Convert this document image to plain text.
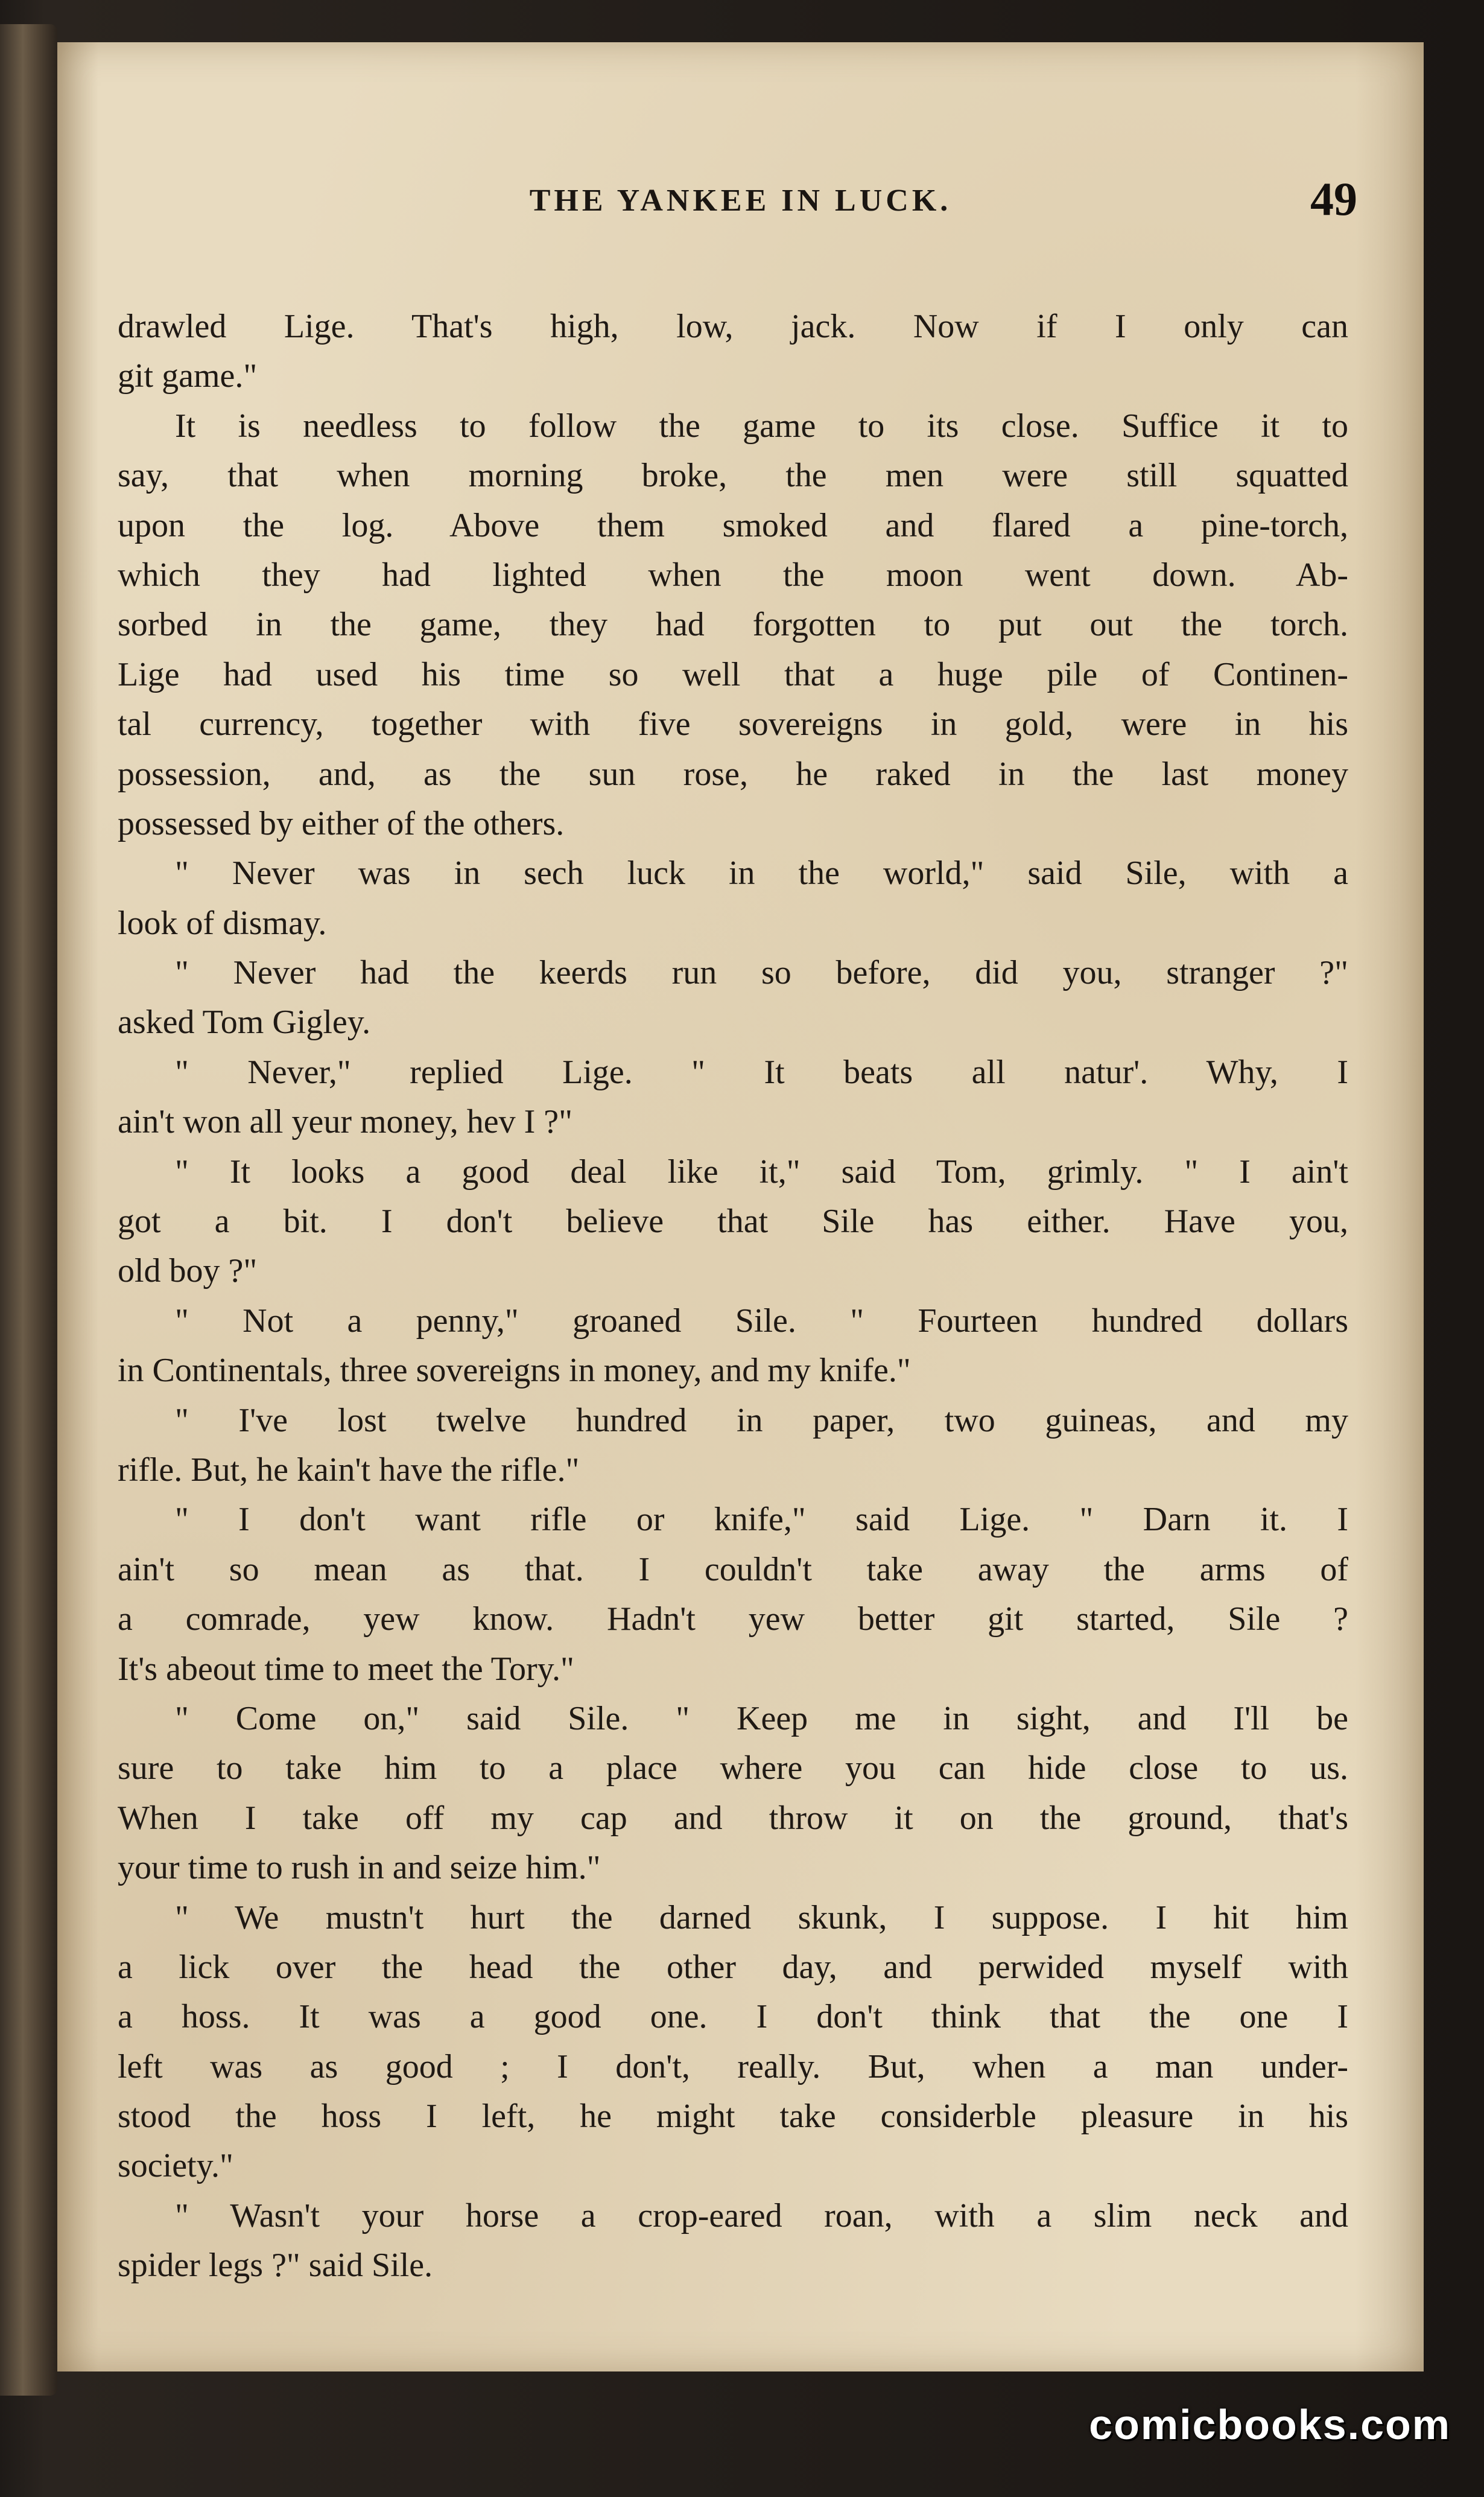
THE YANKEE IN LUCK.	49
drawled Lige. That's high, low, jack. Now if I only can
git game."
It is needless to follow the game to its close. Suffice it to
say, that when morning broke, the men were still squatted
upon the log. Above them smoked and flared a pine-torch,
which they had lighted when the moon went down. Ab-
sorbed in the game, they had forgotten to put out the torch.
Lige had used his time so well that a huge pile of Continen-
tal currency, together with five sovereigns in gold, were in his
possession, and, as the sun rose, he raked in the last money
possessed by either of the others.
" Never was in sech luck in the world," said Sile, with a
look of dismay.
" Never had the keerds run so before, did you, stranger ?"
asked Tom Gigley.
" Never," replied Lige. " It beats all natur'. Why, I
ain't won all yeur money, hev I ?"
" It looks a good deal like it," said Tom, grimly. " I ain't
got a bit. I don't believe that Sile has either. Have you,
old boy ?"
" Not a penny," groaned Sile. " Fourteen hundred dollars
in Continentals, three sovereigns in money, and my knife."
" I've lost twelve hundred in paper, two guineas, and my
rifle. But, he kain't have the rifle."
" I don't want rifle or knife," said Lige. " Darn it. I
ain't so mean as that. I couldn't take away the arms of
a comrade, yew know. Hadn't yew better git started, Sile ?
It's abeout time to meet the Tory."
" Come on," said Sile. " Keep me in sight, and I'll be
sure to take him to a place where you can hide close to us.
When I take off my cap and throw it on the ground, that's
your time to rush in and seize him."
" We mustn't hurt the darned skunk, I suppose. I hit him
a lick over the head the other day, and perwided myself with
a hoss. It was a good one. I don't think that the one I
left was as good ; I don't, really. But, when a man under-
stood the hoss I left, he might take considerble pleasure in his
society."
" Wasn't your horse a crop-eared roan, with a slim neck and
spider legs ?" said Sile.
comicbooks.com
